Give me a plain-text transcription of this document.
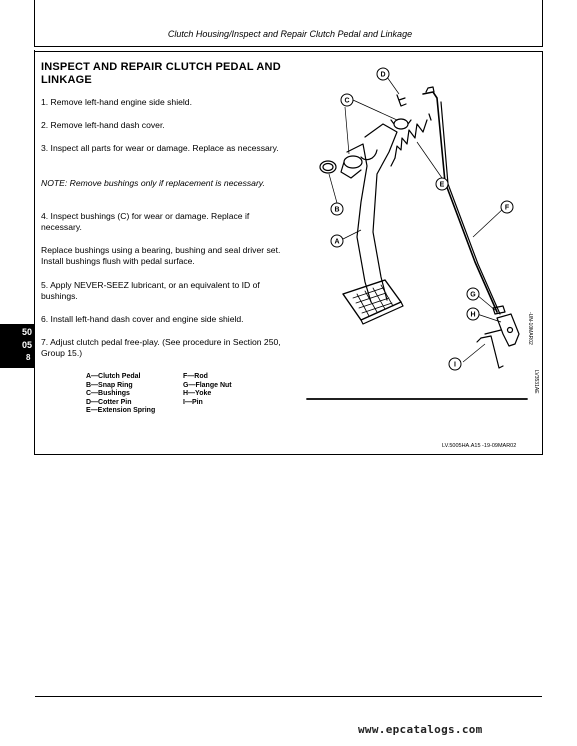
Clutch Housing/Inspect and Repair Clutch Pedal and Linkage
INSPECT AND REPAIR CLUTCH PEDAL AND
LINKAGE
1. Remove left-hand engine side shield.
2. Remove left-hand dash cover.
3. Inspect all parts for wear or damage. Replace as necessary.
NOTE: Remove bushings only if replacement is necessary.
4. Inspect bushings (C) for wear or damage. Replace if necessary.
Replace bushings using a bearing, bushing and seal driver set. Install bushings flush with pedal surface.
5. Apply NEVER-SEEZ lubricant, or an equivalent to ID of bushings.
6. Install left-hand dash cover and engine side shield.
7. Adjust clutch pedal free-play. (See procedure in Section 250, Group 15.)
A—Clutch Pedal
B—Snap Ring
C—Bushings
D—Cotter Pin
E—Extension Spring
F—Rod
G—Flange Nut
H—Yoke
I—Pin
50
05
8
D
C
E
B
A
F
G
H
I
-UN-10MAR02
LV3531AE
LV.5005HA.A15 -19-09MAR02
www.epcatalogs.com
